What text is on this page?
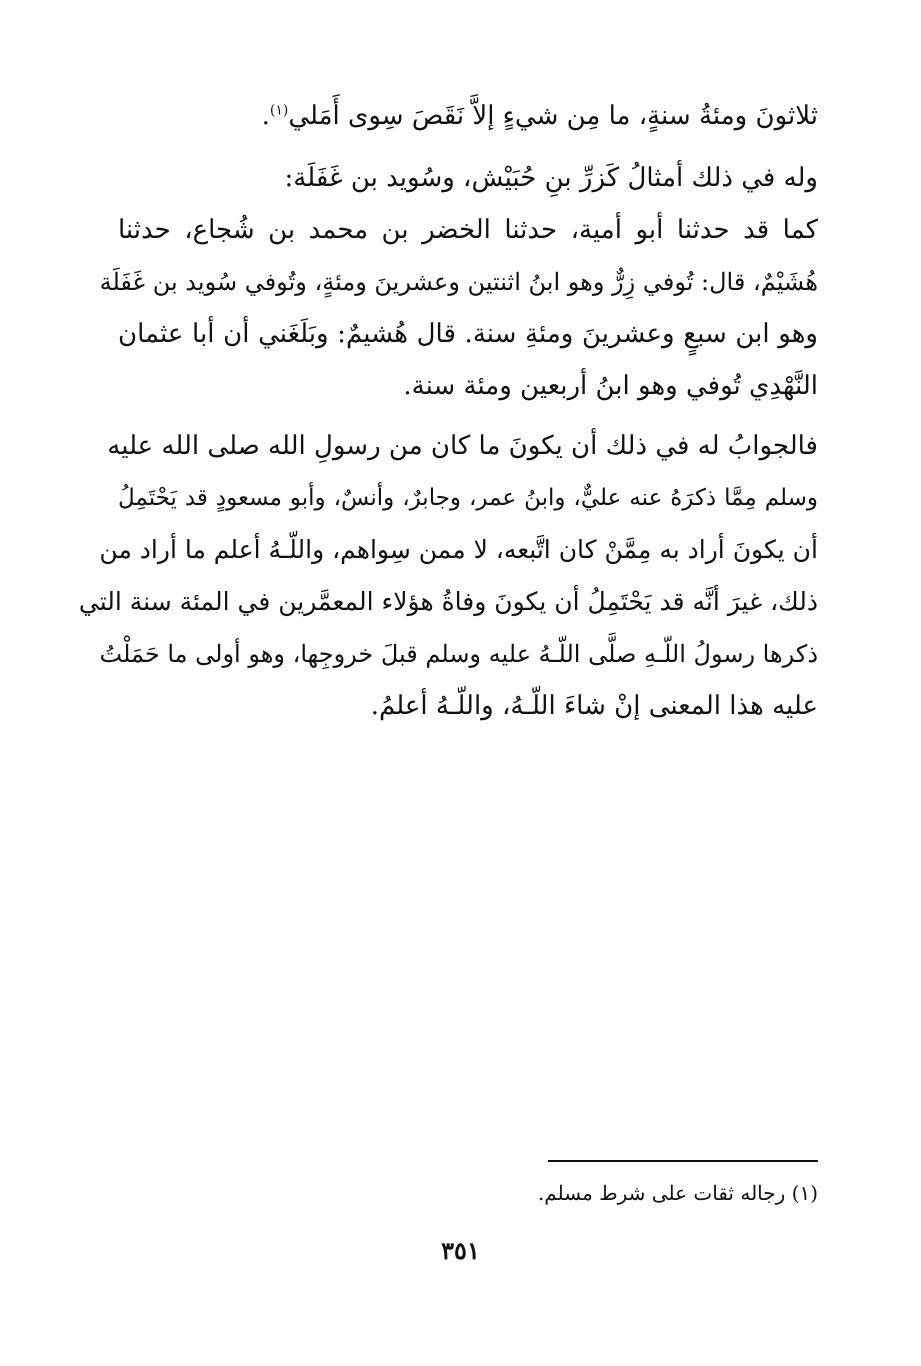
ثلاثونَ ومئةُ سنةٍ، ما مِن شيءٍ إلاَّ نَقَصَ سِوى أَمَلي$^{(١)}$.
وله في ذلك أمثالُ كَزرِّ بنِ حُبَيْش، وسُويد بن غَفَلَة:
كما قد حدثنا أبو أمية، حدثنا الخضر بن محمد بن شُجاع، حدثنا
هُشَيْمٌ، قال: تُوفي زِرٌّ وهو ابنُ اثنتين وعشرينَ ومئةٍ، وتُوفي سُويد بن غَفَلَة
وهو ابن سبعٍ وعشرينَ ومئةِ سنة. قال هُشيمٌ: وبَلَغَني أن أبا عثمان
النَّهْدِي تُوفي وهو ابنُ أربعين ومئة سنة.
فالجوابُ له في ذلك أن يكونَ ما كان من رسولِ الله صلى الله عليه
وسلم مِمَّا ذكرَهُ عنه عليٌّ، وابنُ عمر، وجابرٌ، وأنسٌ، وأبو مسعودٍ قد يَحْتَمِلُ
أن يكونَ أراد به مِمَّنْ كان اتَّبعه، لا ممن سِواهم، واللّـهُ أعلم ما أراد من
ذلك، غيرَ أنَّه قد يَحْتَمِلُ أن يكونَ وفاةُ هؤلاء المعمَّرين في المئة سنة التي
ذكرها رسولُ اللّـهِ صلَّى اللّـهُ عليه وسلم قبلَ خروجِها، وهو أولى ما حَمَلْتُ
عليه هذا المعنى إنْ شاءَ اللّـهُ، واللّـهُ أعلمُ.
(١) رجاله ثقات على شرط مسلم.
٣٥١
